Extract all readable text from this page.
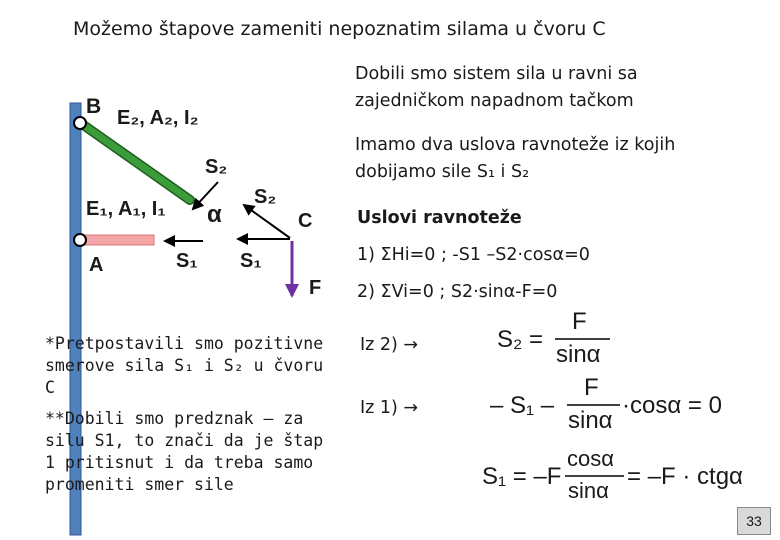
Možemo štapove zameniti nepoznatim silama u čvoru C
B E₂, A₂, I₂
S₂
E₁, A₁, I₁ α
S₂
C
A	S₁ S₁
F
*Pretpostavili smo pozitivne smerove sila S₁ i S₂ u čvoru C
**Dobili smo predznak – za silu S1, to znači da je štap 1 pritisnut i da treba samo promeniti smer sile
Dobili smo sistem sila u ravni sa zajedničkom napadnom tačkom
Imamo dva uslova ravnoteže iz kojih dobijamo sile S₁ i S₂
Uslovi ravnoteže
1) ΣHi=0 ; -S1 –S2·cosα=0
2) ΣVi=0 ; S2·sinα-F=0
Iz 2) →
Iz 1) →
S₂ =
F
sinα
– S₁ –
F
sinα
·cosα = 0
S₁ = –F
cosα
sinα
= –F · ctgα
33
